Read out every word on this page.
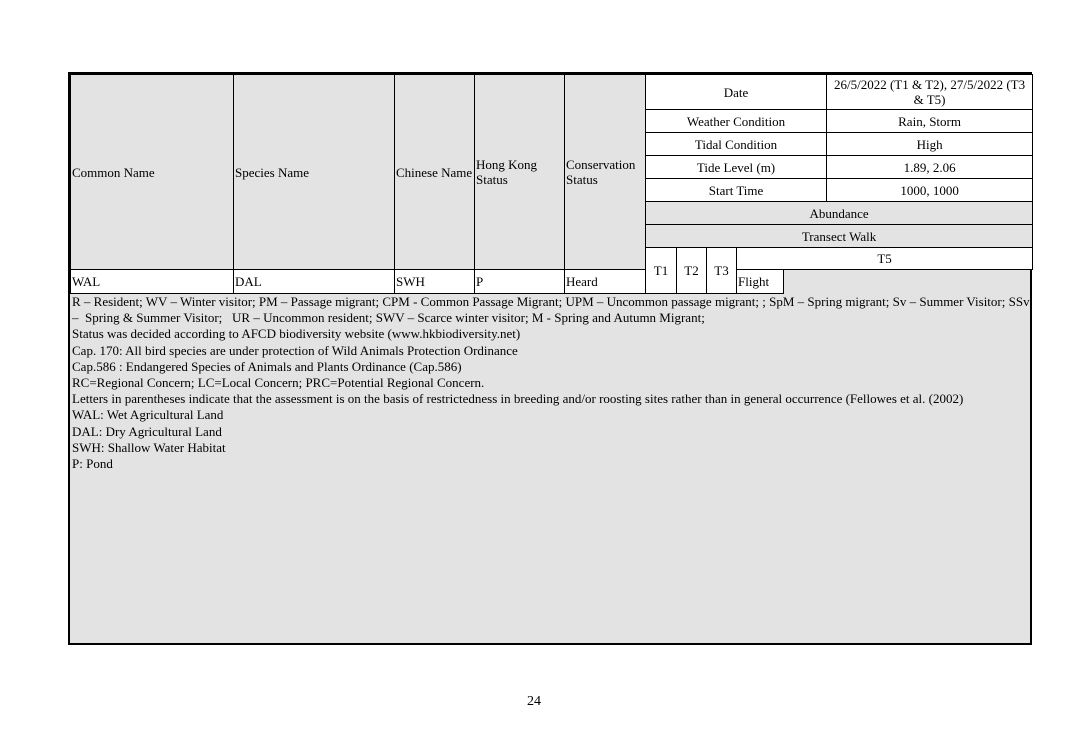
Common Name	Species Name	Chinese Name	Hong Kong Status	Conservation Status	Date				26/5/2022 (T1 & T2), 27/5/2022 (T3 & T5)
					Weather Condition				Rain, Storm
					Tidal Condition				High
					Tide Level (m)				1.89, 2.06
					Start Time				1000, 1000
					Abundance				
					Transect Walk				
					T1	T2	T3	T5	
WAL	DAL	SWH	P	Heard				Flight	
R – Resident; WV – Winter visitor; PM – Passage migrant; CPM - Common Passage Migrant; UPM – Uncommon passage migrant; ; SpM – Spring migrant; Sv – Summer Visitor; SSv  –  Spring & Summer Visitor;   UR – Uncommon resident; SWV – Scarce winter visitor; M - Spring and Autumn Migrant;
Status was decided according to AFCD biodiversity website (www.hkbiodiversity.net)
Cap. 170: All bird species are under protection of Wild Animals Protection Ordinance
Cap.586 : Endangered Species of Animals and Plants Ordinance (Cap.586)
RC=Regional Concern; LC=Local Concern; PRC=Potential Regional Concern.
Letters in parentheses indicate that the assessment is on the basis of restrictedness in breeding and/or roosting sites rather than in general occurrence (Fellowes et al. (2002)
WAL: Wet Agricultural Land
DAL: Dry Agricultural Land
SWH: Shallow Water Habitat
P: Pond
24
